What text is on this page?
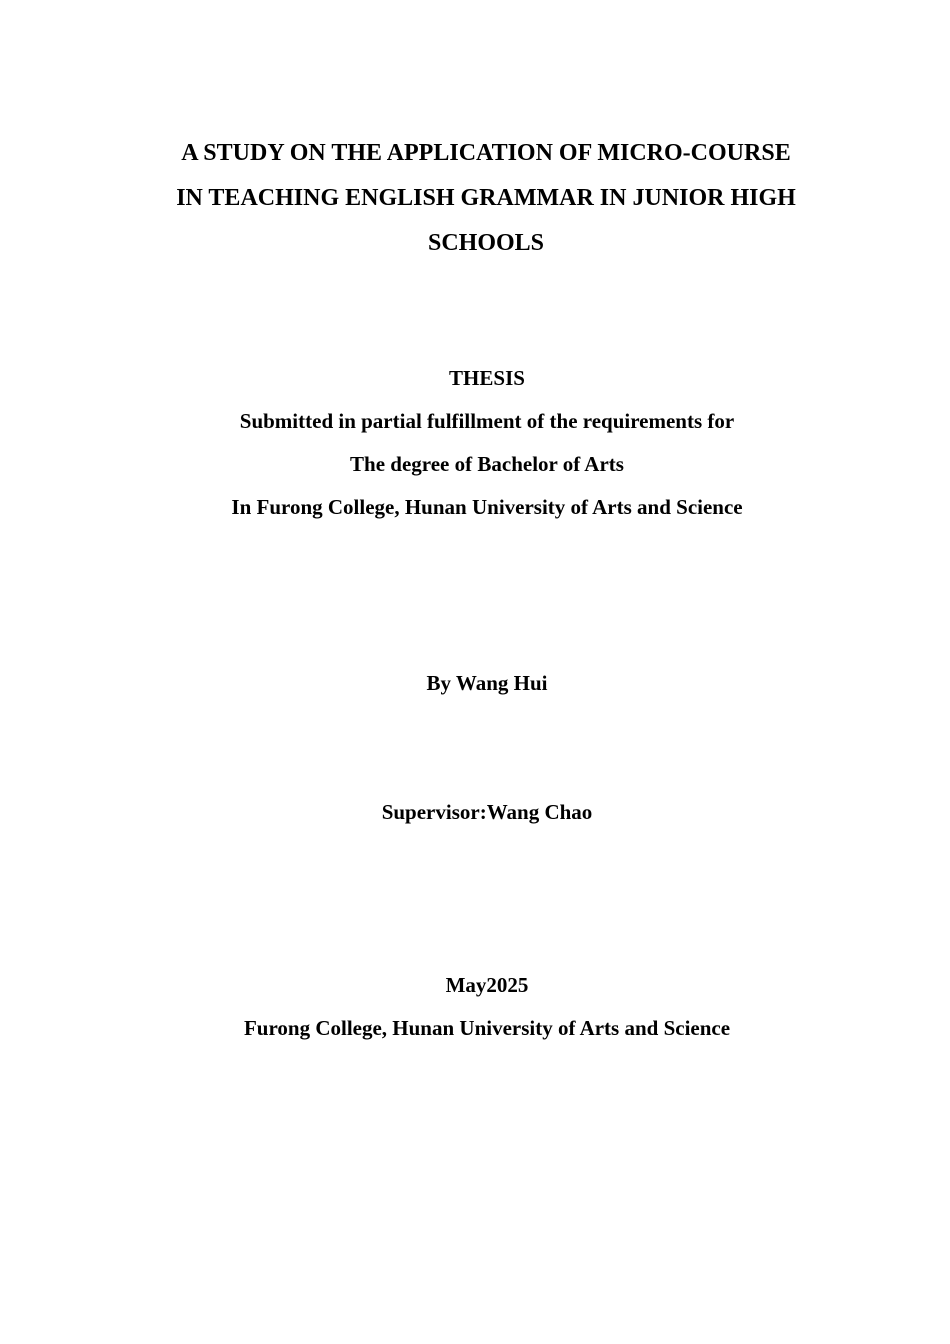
A STUDY ON THE APPLICATION OF MICRO-COURSE
IN TEACHING ENGLISH GRAMMAR IN JUNIOR HIGH
SCHOOLS
THESIS
Submitted in partial fulfillment of the requirements for
The degree of Bachelor of Arts
In Furong College, Hunan University of Arts and Science
By Wang Hui
Supervisor:Wang Chao
May2025
Furong College, Hunan University of Arts and Science
